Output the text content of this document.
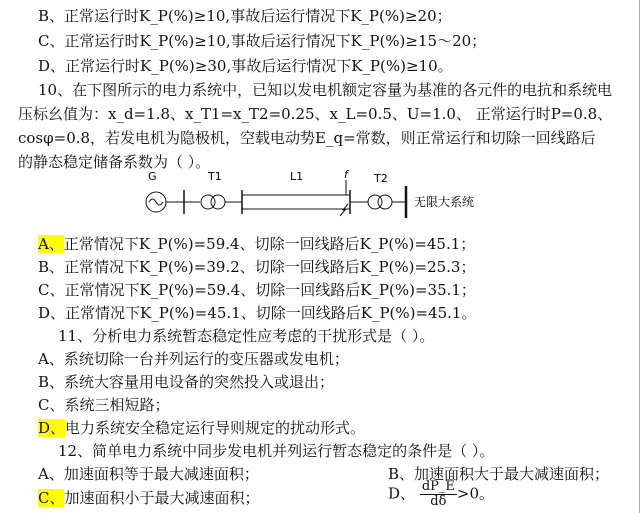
B、正常运行时K_P(%)≥10,事故后运行情况下K_P(%)≥20；
C、正常运行时K_P(%)≥10,事故后运行情况下K_P(%)≥15～20；
D、正常运行时K_P(%)≥30,事故后运行情况下K_P(%)≥10。
10、在下图所示的电力系统中，已知以发电机额定容量为基准的各元件的电抗和系统电
压标幺值为：x_d=1.8、x_T1=x_T2=0.25、x_L=0.5、U=1.0、 正常运行时P=0.8、
cosφ=0.8，若发电机为隐极机，空载电动势E_q=常数，则正常运行和切除一回线路后
的静态稳定储备系数为（ ）。
G	T1	L1	f T2
无限大系统
A、正常情况下K_P(%)=59.4、切除一回线路后K_P(%)=45.1；
B、正常情况下K_P(%)=39.2、切除一回线路后K_P(%)=25.3；
C、正常情况下K_P(%)=59.4、切除一回线路后K_P(%)=35.1；
D、正常情况下K_P(%)=45.1、切除一回线路后K_P(%)=45.1。
11、分析电力系统暂态稳定性应考虑的干扰形式是（ ）。
A、系统切除一台并列运行的变压器或发电机；
B、系统大容量用电设备的突然投入或退出；
C、系统三相短路；
D、电力系统安全稳定运行导则规定的扰动形式。
12、简单电力系统中同步发电机并列运行暂态稳定的条件是（ ）。
A、加速面积等于最大减速面积；	B、加速面积大于最大减速面积；
C、加速面积小于最大减速面积；	D、 $\frac{dP\_E}{d\delta} >0$。
